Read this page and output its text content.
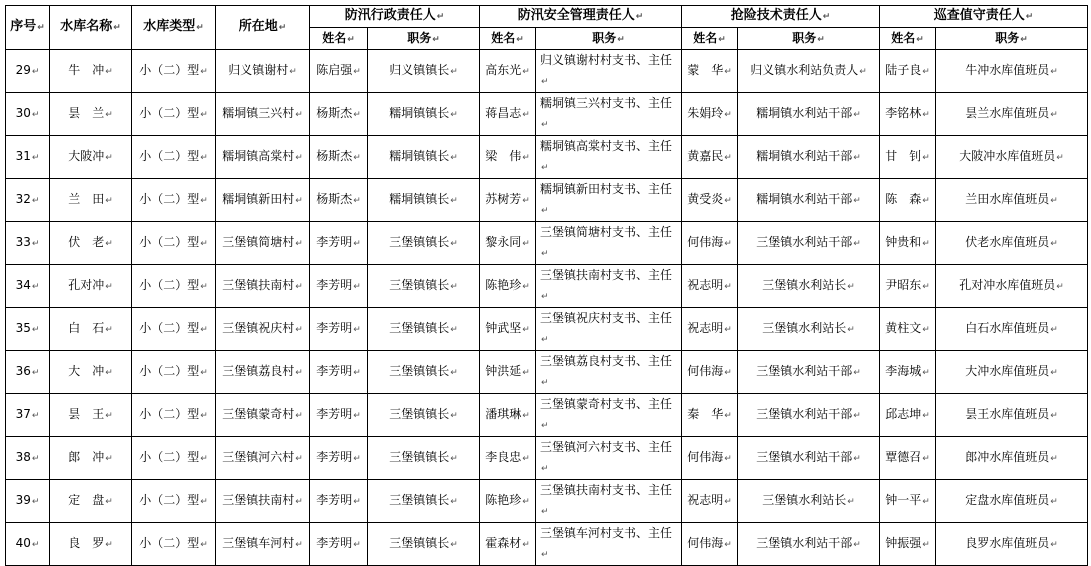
序号↵	水库名称↵	水库类型↵	所在地↵	防汛行政责任人↵		防汛安全管理责任人↵		抢险技术责任人↵		巡查值守责任人↵	
				姓名↵	职务↵	姓名↵	职务↵	姓名↵	职务↵	姓名↵	职务↵
29↵	牛　冲↵	小（二）型↵	归义镇谢村↵	陈启强↵	归义镇镇长↵	高东光↵	归义镇谢村村支书、主任↵	蒙　华↵	归义镇水利站负责人↵	陆子良↵	牛冲水库值班员↵
30↵	昙　兰↵	小（二）型↵	糯垌镇三兴村↵	杨斯杰↵	糯垌镇镇长↵	蒋昌志↵	糯垌镇三兴村支书、主任↵	朱娟玲↵	糯垌镇水利站干部↵	李铭林↵	昙兰水库值班员↵
31↵	大陂冲↵	小（二）型↵	糯垌镇高棠村↵	杨斯杰↵	糯垌镇镇长↵	梁　伟↵	糯垌镇高棠村支书、主任↵	黄嘉民↵	糯垌镇水利站干部↵	甘　钊↵	大陂冲水库值班员↵
32↵	兰　田↵	小（二）型↵	糯垌镇新田村↵	杨斯杰↵	糯垌镇镇长↵	苏树芳↵	糯垌镇新田村支书、主任↵	黄受炎↵	糯垌镇水利站干部↵	陈　森↵	兰田水库值班员↵
33↵	伏　老↵	小（二）型↵	三堡镇简塘村↵	李芳明↵	三堡镇镇长↵	黎永同↵	三堡镇简塘村支书、主任↵	何伟海↵	三堡镇水利站干部↵	钟贵和↵	伏老水库值班员↵
34↵	孔对冲↵	小（二）型↵	三堡镇扶南村↵	李芳明↵	三堡镇镇长↵	陈艳珍↵	三堡镇扶南村支书、主任↵	祝志明↵	三堡镇水利站长↵	尹昭东↵	孔对冲水库值班员↵
35↵	白　石↵	小（二）型↵	三堡镇祝庆村↵	李芳明↵	三堡镇镇长↵	钟武坚↵	三堡镇祝庆村支书、主任↵	祝志明↵	三堡镇水利站长↵	黄柱文↵	白石水库值班员↵
36↵	大　冲↵	小（二）型↵	三堡镇荔良村↵	李芳明↵	三堡镇镇长↵	钟洪延↵	三堡镇荔良村支书、主任↵	何伟海↵	三堡镇水利站干部↵	李海城↵	大冲水库值班员↵
37↵	昙　王↵	小（二）型↵	三堡镇蒙奇村↵	李芳明↵	三堡镇镇长↵	潘琪琳↵	三堡镇蒙奇村支书、主任↵	秦　华↵	三堡镇水利站干部↵	邱志坤↵	昙王水库值班员↵
38↵	郎　冲↵	小（二）型↵	三堡镇河六村↵	李芳明↵	三堡镇镇长↵	李良忠↵	三堡镇河六村支书、主任↵	何伟海↵	三堡镇水利站干部↵	覃德召↵	郎冲水库值班员↵
39↵	定　盘↵	小（二）型↵	三堡镇扶南村↵	李芳明↵	三堡镇镇长↵	陈艳珍↵	三堡镇扶南村支书、主任↵	祝志明↵	三堡镇水利站长↵	钟一平↵	定盘水库值班员↵
40↵	良　罗↵	小（二）型↵	三堡镇车河村↵	李芳明↵	三堡镇镇长↵	霍森材↵	三堡镇车河村支书、主任↵	何伟海↵	三堡镇水利站干部↵	钟振强↵	良罗水库值班员↵
